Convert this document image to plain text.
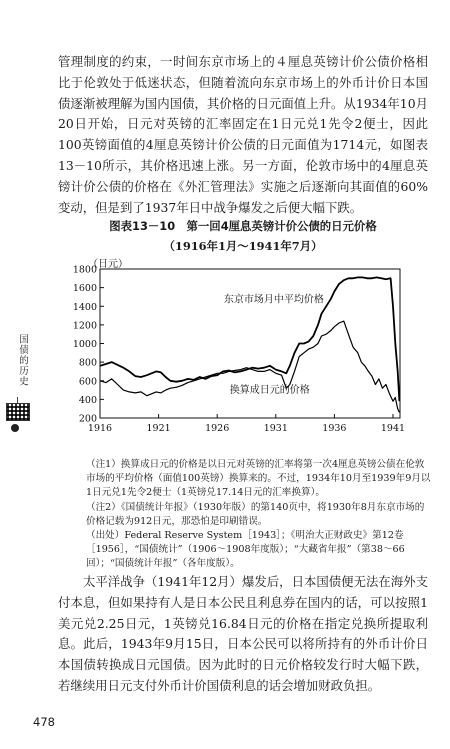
管理制度的约束，一时间东京市场上的４厘息英镑计价公债价格相比于伦敦处于低迷状态，但随着流向东京市场上的外币计价日本国债逐渐被理解为国内国债，其价格的日元面值上升。从1934年10月20日开始，日元对英镑的汇率固定在1日元兑1先令2便士，因此100英镑面值的4厘息英镑计价公债的日元面值为1714元，如图表13－10所示，其价格迅速上涨。另一方面，伦敦市场中的4厘息英镑计价公债的价格在《外汇管理法》实施之后逐渐向其面值的60%变动，但是到了1937年日中战争爆发之后便大幅下跌。
图表13－10　第一回4厘息英镑计价公债的日元价格
（1916年1月～1941年7月）
（日元）
200
400
600
800
1000
1200
1400
1600
1800
1916	1921	1926	1931	1936	1941
东京市场月中平均价格
换算成日元的价格

（注1）换算成日元的价格是以日元对英镑的汇率将第一次4厘息英镑公债在伦敦市场的平均价格（面值100英镑）换算来的。不过，1934年10月至1939年9月以1日元兑1先令2便士（1英镑兑17.14日元的汇率换算）。

（注2）《国债统计年报》（1930年版）的第140页中，将1930年8月东京市场的价格记载为912日元，那恐怕是印刷错误。

（出处）Federal Reserve System［1943］；《明治大正财政史》第12卷［1956］，“国债统计”（1906～1908年度版）；“大藏省年报”（第38～66回）；“国债统计年报”（各年度版）。

太平洋战争（1941年12月）爆发后，日本国债便无法在海外支付本息，但如果持有人是日本公民且利息券在国内的话，可以按照1美元兑2.25日元，1英镑兑16.84日元的价格在指定兑换所提取利息。此后，1943年9月15日，日本公民可以将所持有的外币计价日本国债转换成日元国债。因为此时的日元价格较发行时大幅下跌，若继续用日元支付外币计价国债利息的话会增加财政负担。
国债的历史
478
